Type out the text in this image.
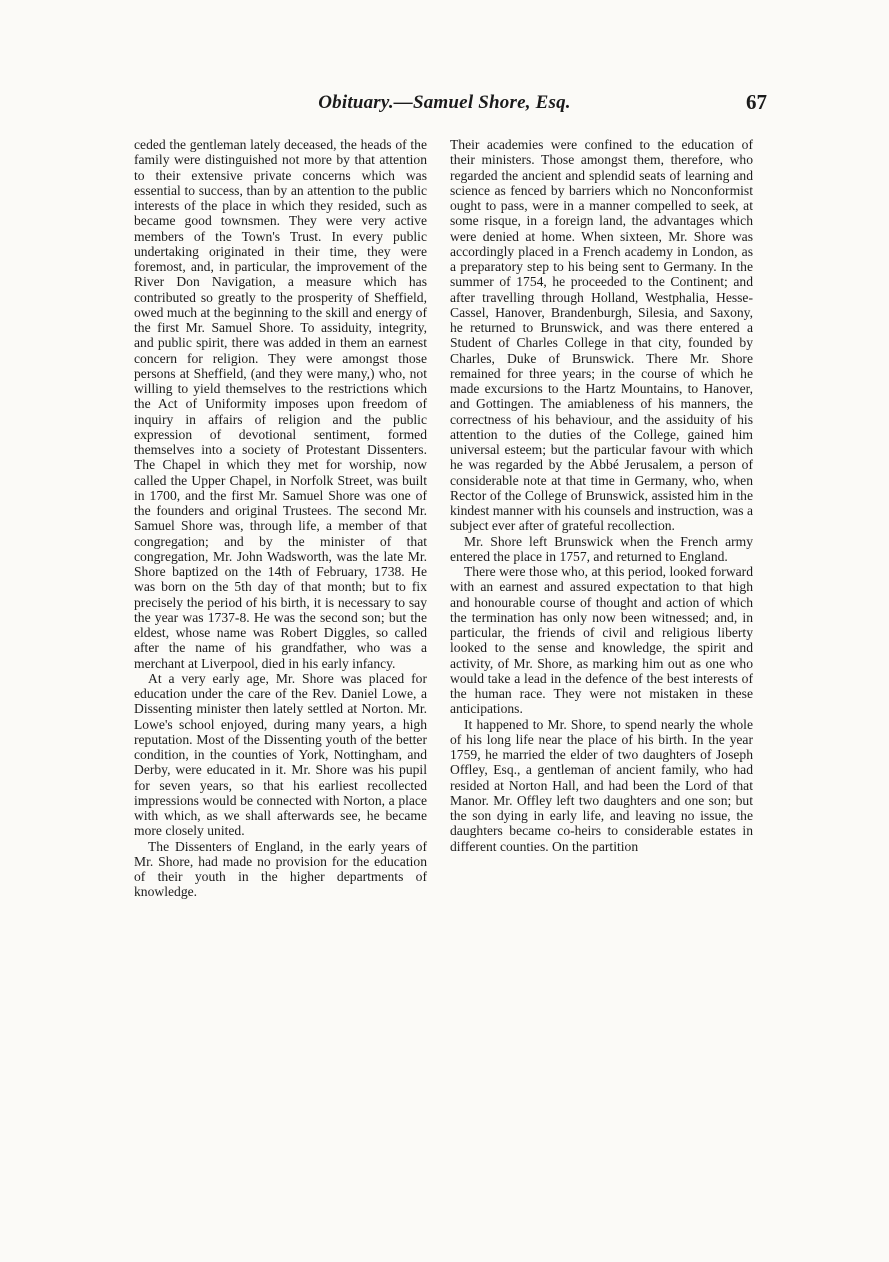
Obituary.—Samuel Shore, Esq.	67

ceded the gentleman lately deceased, the heads of the family were distinguished not more by that attention to their extensive private concerns which was essential to success, than by an attention to the public interests of the place in which they resided, such as became good townsmen. They were very active members of the Town's Trust. In every public undertaking originated in their time, they were foremost, and, in particular, the improvement of the River Don Navigation, a measure which has contributed so greatly to the prosperity of Sheffield, owed much at the beginning to the skill and energy of the first Mr. Samuel Shore. To assiduity, integrity, and public spirit, there was added in them an earnest concern for religion. They were amongst those persons at Sheffield, (and they were many,) who, not willing to yield themselves to the restrictions which the Act of Uniformity imposes upon freedom of inquiry in affairs of religion and the public expression of devotional sentiment, formed themselves into a society of Protestant Dissenters. The Chapel in which they met for worship, now called the Upper Chapel, in Norfolk Street, was built in 1700, and the first Mr. Samuel Shore was one of the founders and original Trustees. The second Mr. Samuel Shore was, through life, a member of that congregation; and by the minister of that congregation, Mr. John Wadsworth, was the late Mr. Shore baptized on the 14th of February, 1738. He was born on the 5th day of that month; but to fix precisely the period of his birth, it is necessary to say the year was 1737-8. He was the second son; but the eldest, whose name was Robert Diggles, so called after the name of his grandfather, who was a merchant at Liverpool, died in his early infancy.

At a very early age, Mr. Shore was placed for education under the care of the Rev. Daniel Lowe, a Dissenting minister then lately settled at Norton. Mr. Lowe's school enjoyed, during many years, a high reputation. Most of the Dissenting youth of the better condition, in the counties of York, Nottingham, and Derby, were educated in it. Mr. Shore was his pupil for seven years, so that his earliest recollected impressions would be connected with Norton, a place with which, as we shall afterwards see, he became more closely united.

The Dissenters of England, in the early years of Mr. Shore, had made no provision for the education of their youth in the higher departments of knowledge.

Their academies were confined to the education of their ministers. Those amongst them, therefore, who regarded the ancient and splendid seats of learning and science as fenced by barriers which no Nonconformist ought to pass, were in a manner compelled to seek, at some risque, in a foreign land, the advantages which were denied at home. When sixteen, Mr. Shore was accordingly placed in a French academy in London, as a preparatory step to his being sent to Germany. In the summer of 1754, he proceeded to the Continent; and after travelling through Holland, Westphalia, Hesse-Cassel, Hanover, Brandenburgh, Silesia, and Saxony, he returned to Brunswick, and was there entered a Student of Charles College in that city, founded by Charles, Duke of Brunswick. There Mr. Shore remained for three years; in the course of which he made excursions to the Hartz Mountains, to Hanover, and Gottingen. The amiableness of his manners, the correctness of his behaviour, and the assiduity of his attention to the duties of the College, gained him universal esteem; but the particular favour with which he was regarded by the Abbé Jerusalem, a person of considerable note at that time in Germany, who, when Rector of the College of Brunswick, assisted him in the kindest manner with his counsels and instruction, was a subject ever after of grateful recollection.

Mr. Shore left Brunswick when the French army entered the place in 1757, and returned to England.

There were those who, at this period, looked forward with an earnest and assured expectation to that high and honourable course of thought and action of which the termination has only now been witnessed; and, in particular, the friends of civil and religious liberty looked to the sense and knowledge, the spirit and activity, of Mr. Shore, as marking him out as one who would take a lead in the defence of the best interests of the human race. They were not mistaken in these anticipations.

It happened to Mr. Shore, to spend nearly the whole of his long life near the place of his birth. In the year 1759, he married the elder of two daughters of Joseph Offley, Esq., a gentleman of ancient family, who had resided at Norton Hall, and had been the Lord of that Manor. Mr. Offley left two daughters and one son; but the son dying in early life, and leaving no issue, the daughters became co-heirs to considerable estates in different counties. On the partition
